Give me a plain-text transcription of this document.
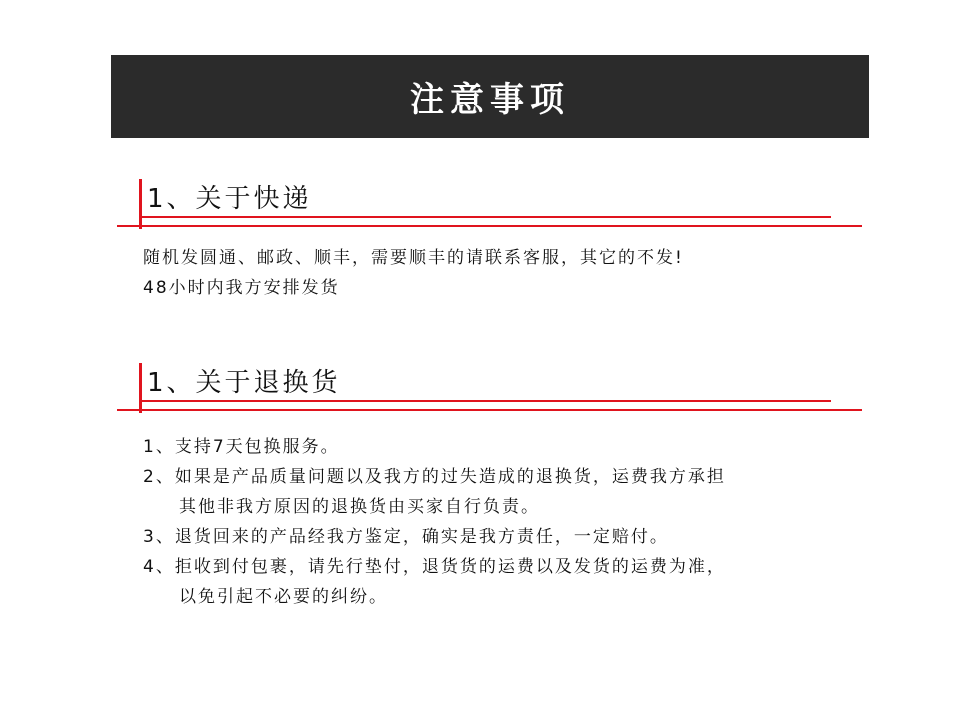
注意事项
1、关于快递
随机发圆通、邮政、顺丰，需要顺丰的请联系客服，其它的不发!
48小时内我方安排发货
1、关于退换货
1、支持7天包换服务。
2、如果是产品质量问题以及我方的过失造成的退换货，运费我方承担
其他非我方原因的退换货由买家自行负责。
3、退货回来的产品经我方鉴定，确实是我方责任，一定赔付。
4、拒收到付包裹，请先行垫付，退货货的运费以及发货的运费为准，
以免引起不必要的纠纷。
